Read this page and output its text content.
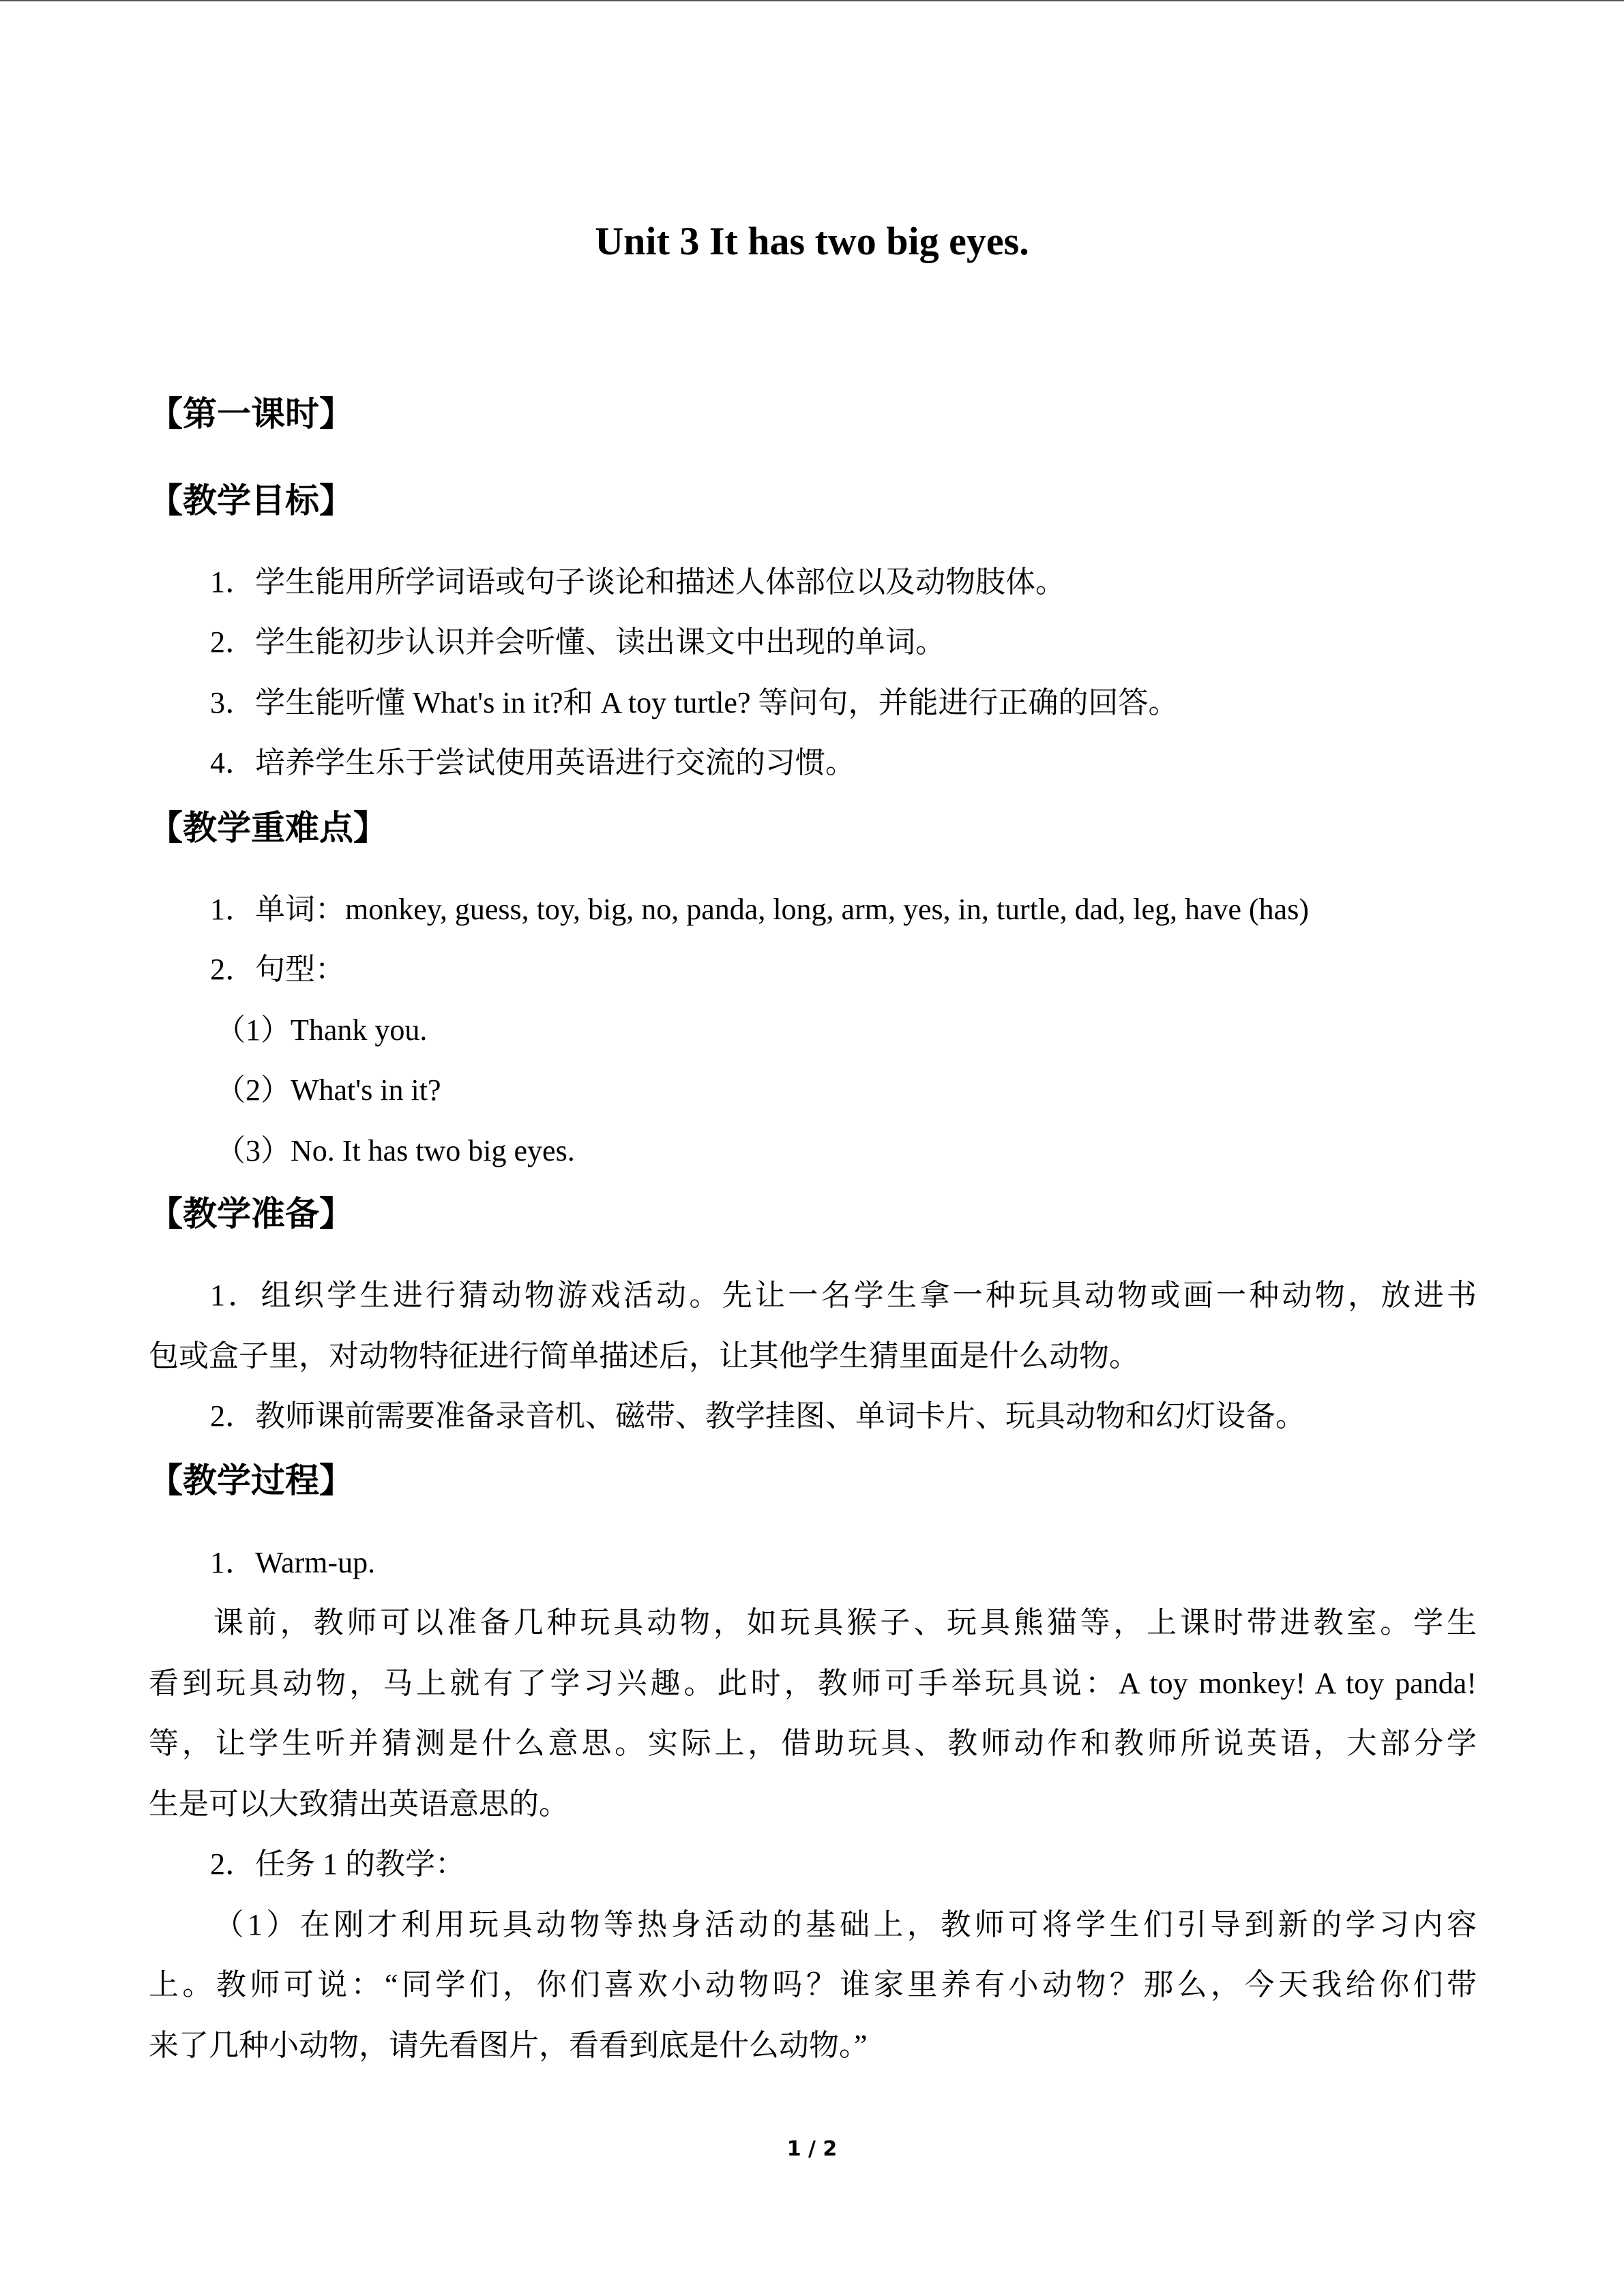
Unit 3 It has two big eyes.
【第一课时】
【教学目标】
1．学生能用所学词语或句子谈论和描述人体部位以及动物肢体。
2．学生能初步认识并会听懂、读出课文中出现的单词。
3．学生能听懂 What's in it?和 A toy turtle? 等问句，并能进行正确的回答。
4．培养学生乐于尝试使用英语进行交流的习惯。
【教学重难点】
1．单词：monkey, guess, toy, big, no, panda, long, arm, yes, in, turtle, dad, leg, have (has)
2．句型：
（1）Thank you.
（2）What's in it?
（3）No. It has two big eyes.
【教学准备】
1．组织学生进行猜动物游戏活动。先让一名学生拿一种玩具动物或画一种动物，放进书
包或盒子里，对动物特征进行简单描述后，让其他学生猜里面是什么动物。
2．教师课前需要准备录音机、磁带、教学挂图、单词卡片、玩具动物和幻灯设备。
【教学过程】
1．Warm-up.
课前，教师可以准备几种玩具动物，如玩具猴子、玩具熊猫等，上课时带进教室。学生
看到玩具动物，马上就有了学习兴趣。此时，教师可手举玩具说：A toy monkey! A toy panda!
等，让学生听并猜测是什么意思。实际上，借助玩具、教师动作和教师所说英语，大部分学
生是可以大致猜出英语意思的。
2．任务 1 的教学：
（1）在刚才利用玩具动物等热身活动的基础上，教师可将学生们引导到新的学习内容
上。教师可说：“同学们，你们喜欢小动物吗？谁家里养有小动物？那么，今天我给你们带
来了几种小动物，请先看图片，看看到底是什么动物。”
1 / 2
